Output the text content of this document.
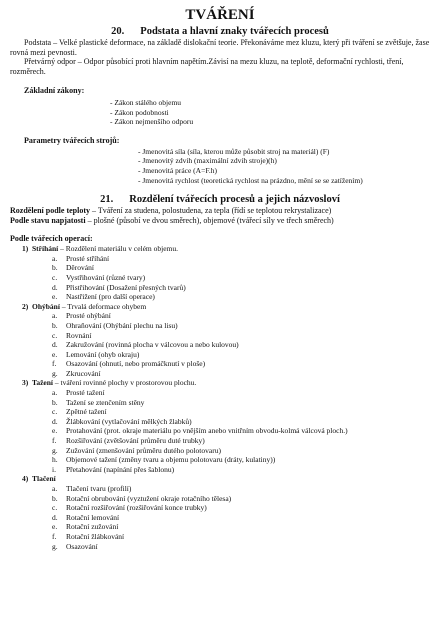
TVÁŘENÍ
20. Podstata a hlavní znaky tvářecích procesů
Podstata – Velké plastické deformace, na základě dislokační teorie. Překonáváme mez kluzu, který při tváření se zvětšuje, žase rovná mezi pevnosti.
Přetvárný odpor – Odpor působící proti hlavním napětím.Závisí na mezu kluzu, na teplotě, deformační rychlosti, tření, rozměrech.
Základní zákony:
- Zákon stálého objemu
- Zákon podobnosti
- Zákon nejmenšího odporu
Parametry tvářecích strojů:
- Jmenovitá síla (síla, kterou může působit stroj na materiál) (F)
- Jmenovitý zdvih (maximální zdvih stroje)(h)
- Jmenovitá práce (A=F.h)
- Jmenovitá rychlost (teoretická rychlost na prázdno, mění se se zatížením)
21. Rozdělení tvářecích procesů a jejich názvosloví
Rozdělení podle teploty – Tváření za studena, polostudena, za tepla (řídí se teplotou rekrystalizace)
Podle stavu napjatosti – plošné (působí ve dvou směrech), objemové (tvářecí síly ve třech směrech)
Podle tvářecích operací:
1) Stříhání – Rozdělení materiálu v celém objemu.
a.	Prosté stříhání
b.	Děrování
c.	Vystřihování (různé tvary)
d.	Přistřihování (Dosažení přesných tvarů)
e.	Nastřižení (pro další operace)
2) Ohýbání – Trvalá deformace ohybem
a.	Prosté ohýbání
b.	Ohraňování (Ohýbání plechu na lisu)
c.	Rovnání
d.	Zakružování (rovinná plocha v válcovou a nebo kulovou)
e.	Lemování (ohyb okraju)
f.	Osazování (ohnutí, nebo promáčknutí v ploše)
g.	Zkrucování
3) Tažení – tváření rovinné plochy v prostorovou plochu.
a.	Prosté tažení
b.	Tažení se ztenčením stěny
c.	Zpětné tažení
d.	Žlábkování (vytlačování mělkých žlabků)
e.	Protahování (prot. okraje materiálu po vnějším anebo vnitřním obvodu-kolmá válcová ploch.)
f.	Rozšiřování (zvětšování průměru duté trubky)
g.	Zužování (zmenšování průměru dutého polotovaru)
h.	Objemové tažení (změny tvaru a objemu polotovaru (dráty, kulatiny))
i.	Přetahování (napínání přes šablonu)
4) Tlačení
a.	Tlačení tvaru (profilí)
b.	Rotační obrubování (vyztužení okraje rotačního tělesa)
c.	Rotační rozšiřování (rozšiřování konce trubky)
d.	Rotační lemování
e.	Rotační zužování
f.	Rotační žlábkování
g.	Osazování
